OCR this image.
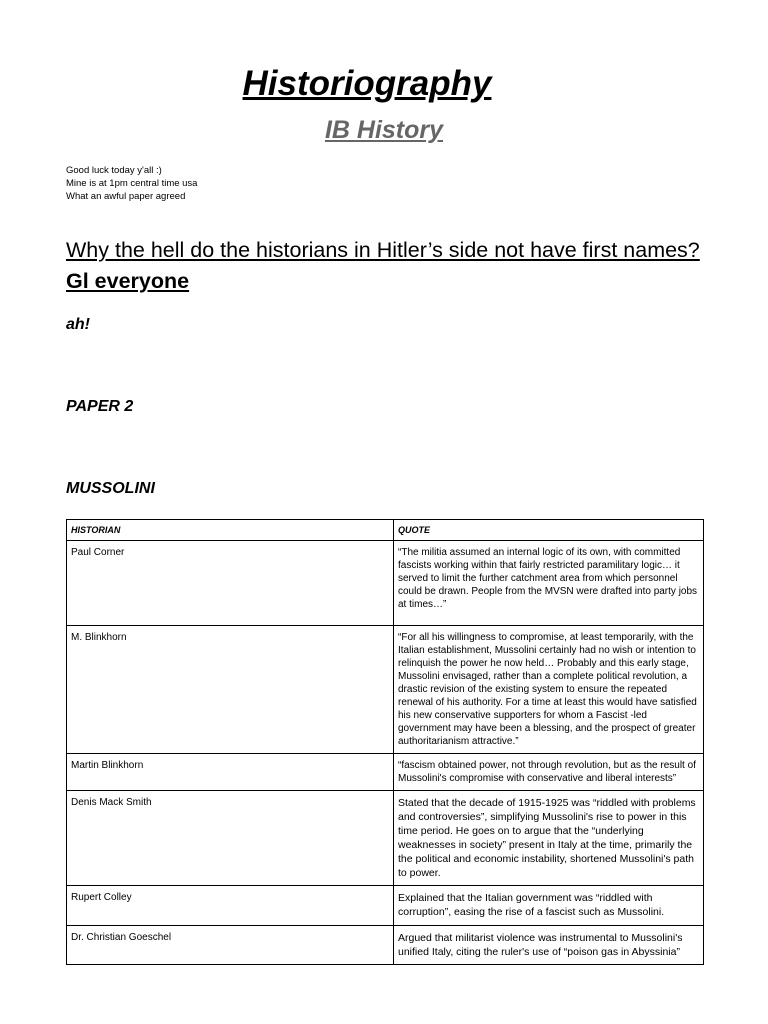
Historiography
IB History
Good luck today y'all :)
Mine is at 1pm central time usa
What an awful paper agreed

Why the hell do the historians in Hitler’s side not have first names? Gl everyone

ah!
PAPER 2
MUSSOLINI
HISTORIAN	QUOTE
Paul Corner	“The militia assumed an internal logic of its own, with committed fascists working within that fairly restricted paramilitary logic… it served to limit the further catchment area from which personnel could be drawn. People from the MVSN were drafted into party jobs at times…”
M. Blinkhorn	“For all his willingness to compromise, at least temporarily, with the Italian establishment, Mussolini certainly had no wish or intention to relinquish the power he now held… Probably and this early stage, Mussolini envisaged, rather than a complete political revolution, a drastic revision of the existing system to ensure the repeated renewal of his authority. For a time at least this would have satisfied his new conservative supporters for whom a Fascist -led government may have been a blessing, and the prospect of greater authoritarianism attractive.”
Martin Blinkhorn	“fascism obtained power, not through revolution, but as the result of Mussolini's compromise with conservative and liberal interests”
Denis Mack Smith	Stated that the decade of 1915-1925 was “riddled with problems and controversies”, simplifying Mussolini's rise to power in this time period. He goes on to argue that the “underlying weaknesses in society” present in Italy at the time, primarily the the political and economic instability, shortened Mussolini's path to power.
Rupert Colley	Explained that the Italian government was “riddled with corruption”, easing the rise of a fascist such as Mussolini.
Dr. Christian Goeschel	Argued that militarist violence was instrumental to Mussolini's unified Italy, citing the ruler's use of “poison gas in Abyssinia”
